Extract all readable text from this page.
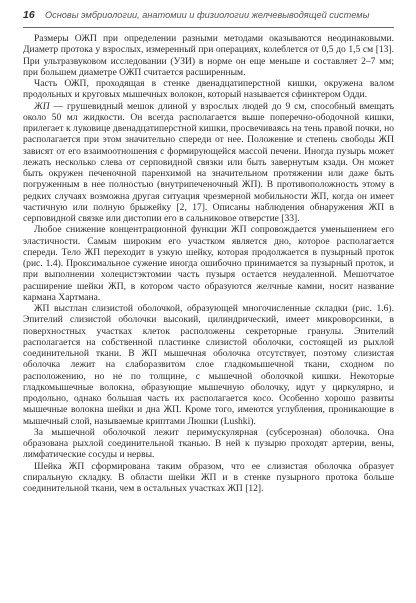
16	Основы эмбриологии, анатомии и физиологии желчевыводящей системы

Размеры ОЖП при определении разными методами оказываются неодинаковыми. Диаметр протока у взрослых, измеренный при операциях, колеблется от 0,5 до 1,5 см [13]. При ультразвуковом исследовании (УЗИ) в норме он еще меньше и составляет 2–7 мм; при большем диаметре ОЖП считается расширенным.

Часть ОЖП, проходящая в стенке двенадцатиперстной кишки, окружена валом продольных и круговых мышечных волокон, который называется сфинктером Одди.

ЖП — грушевидный мешок длиной у взрослых людей до 9 см, способный вмещать около 50 мл жидкости. Он всегда располагается выше поперечно-ободочной кишки, прилегает к луковице двенадцатиперстной кишки, просвечиваясь на тень правой почки, но располагается при этом значительно спереди от нее. Положение и степень свободы ЖП зависят от его взаимоотношения с формирующейся массой печени. Иногда пузырь может лежать несколько слева от серповидной связки или быть завернутым кзади. Он может быть окружен печеночной паренхимой на значительном протяжении или даже быть погруженным в нее полностью (внутрипеченочный ЖП). В противоположность этому в редких случаях возможна другая ситуация чрезмерной мобильности ЖП, когда он имеет частичную или полную брыжейку [2, 17]. Описаны наблюдения обнаружения ЖП в серповидной связке или дистопии его в сальниковое отверстие [33].

Любое снижение концентрационной функции ЖП сопровождается уменьшением его эластичности. Самым широким его участком является дно, которое располагается спереди. Тело ЖП переходит в узкую шейку, которая продолжается в пузырный проток (рис. 1.4). Проксимальное сужение иногда ошибочно принимается за пузырный проток, и при выполнении холецистэктомии часть пузыря остается неудаленной. Мешотчатое расширение шейки ЖП, в котором часто образуются желчные камни, носит название кармана Хартмана.

ЖП выстлан слизистой оболочкой, образующей многочисленные складки (рис. 1.6). Эпителий слизистой оболочки высокий, цилиндрический, имеет микроворсинки, в поверхностных участках клеток расположены секреторные гранулы. Эпителий располагается на собственной пластинке слизистой оболочки, состоящей из рыхлой соединительной ткани. В ЖП мышечная оболочка отсутствует, поэтому слизистая оболочка лежит на слаборазвитом слое гладкомышечной ткани, сходном по расположению, но не по толщине, с мышечной оболочкой кишки. Некоторые гладкомышечные волокна, образующие мышечную оболочку, идут у циркулярно, и продольно, однако большая часть их располагается косо. Особенно хорошо развиты мышечные волокна шейки и дна ЖП. Кроме того, имеются углубления, проникающие в мышечный слой, называемые криптами Люшки (Lushki).

За мышечной оболочкой лежит перимускулярная (субсерозная) оболочка. Она образована рыхлой соединительной тканью. В ней к пузырю проходят артерии, вены, лимфатические сосуды и нервы.

Шейка ЖП сформирована таким образом, что ее слизистая оболочка образует спиральную складку. В области шейки ЖП и в стенке пузырного протока больше соединительной ткани, чем в остальных участках ЖП [12].
